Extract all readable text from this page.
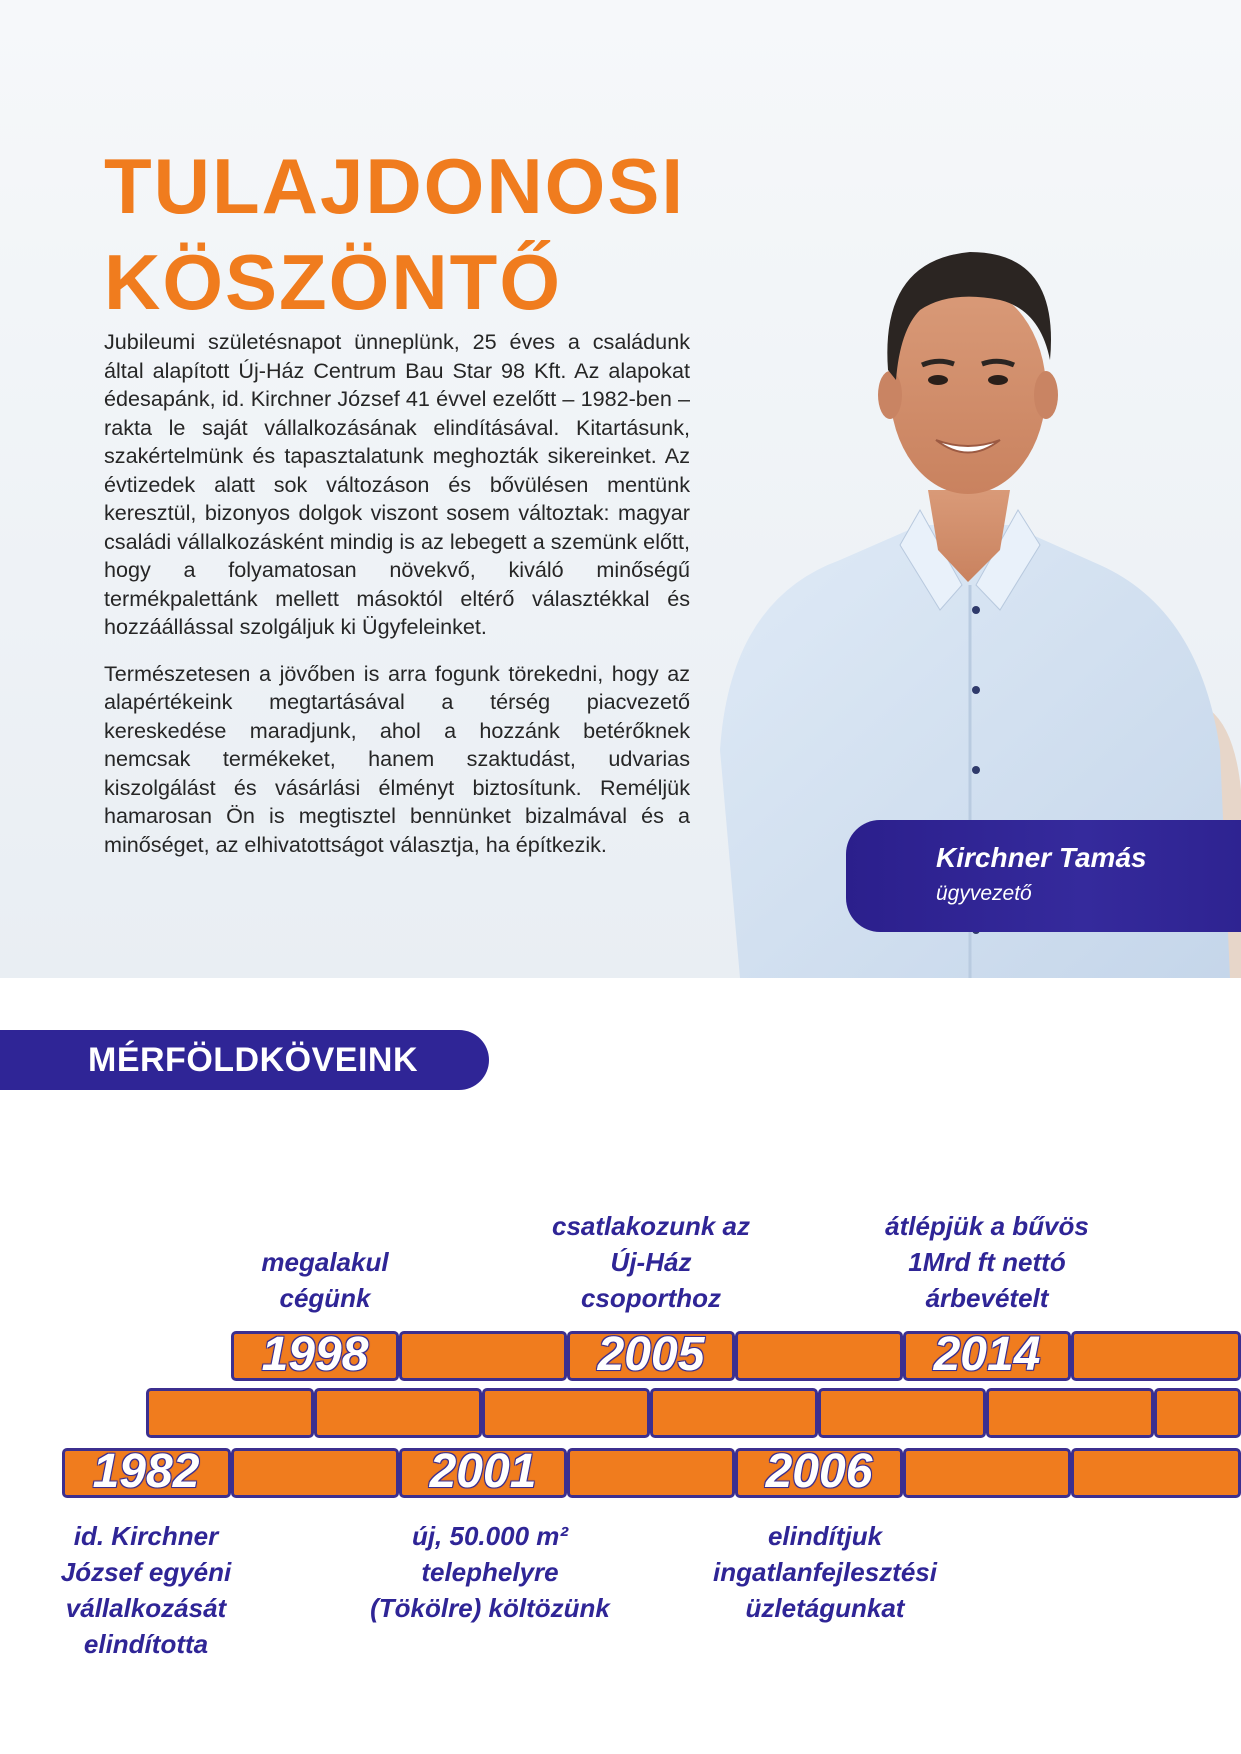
TULAJDONOSI
KÖSZÖNTŐ

Jubileumi születésnapot ünneplünk, 25 éves a családunk által alapított Új-Ház Centrum Bau Star 98 Kft. Az alapokat édesapánk, id. Kirchner József 41 évvel ezelőtt – 1982-ben – rakta le saját vállalkozásának elindításával. Kitartásunk, szakértelmünk és tapasztalatunk meghozták sikereinket. Az évtizedek alatt sok változáson és bővülésen mentünk keresztül, bizonyos dolgok viszont sosem változtak: magyar családi vállalkozásként mindig is az lebegett a szemünk előtt, hogy a folyamatosan növekvő, kiváló minőségű termékpalettánk mellett másoktól eltérő választékkal és hozzáállással szolgáljuk ki Ügyfeleinket.

Természetesen a jövőben is arra fogunk törekedni, hogy az alapértékeink megtartásával a térség piacvezető kereskedése maradjunk, ahol a hozzánk betérőknek nemcsak termékeket, hanem szaktudást, udvarias kiszolgálást és vásárlási élményt biztosítunk. Reméljük hamarosan Ön is megtisztel bennünket bizalmával és a minőséget, az elhivatottságot választja, ha építkezik.	Kirchner Tamás
ügyvezető
MÉRFÖLDKÖVEINK
1982
1998
2001
2005
2006
2014
megalakul
cégünk
csatlakozunk az
Új-Ház
csoporthoz
átlépjük a bűvös
1Mrd ft nettó
árbevételt
id. Kirchner
József egyéni
vállalkozását
elindította
új, 50.000 m²
telephelyre
(Tökölre) költözünk
elindítjuk
ingatlanfejlesztési
üzletágunkat
